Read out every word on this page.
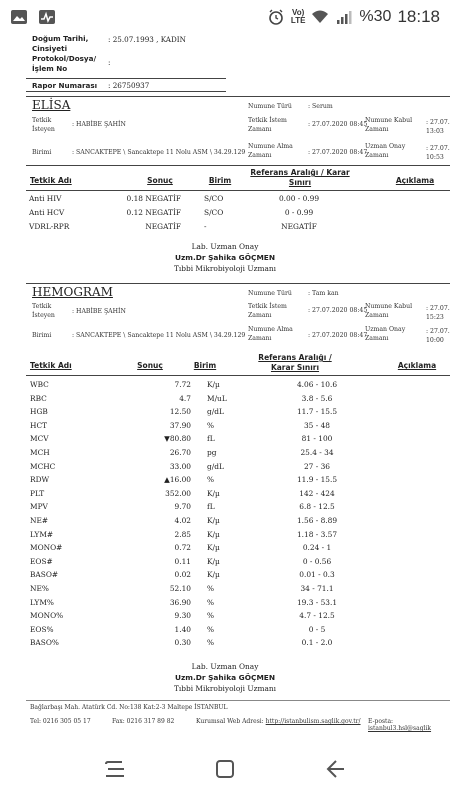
Vo)
LTE	%30 18:18
Doğum Tarihi, Cinsiyeti
: 25.07.1993 , KADIN
Protokol/Dosya/İşlem No
:
Rapor Numarası : 26750937
ELİSA
Tetkik İsteyen
: HABİBE ŞAHİN
Birimi	: SANCAKTEPE \ Sancaktepe 11 Nolu ASM \ 34.29.129
Numune Türü	: Serum
Tetkik İstem Zamanı
: 27.07.2020 08:45
Numune Kabul Zamanı
: 27.07.
13:03
Numune Alma Zamanı	: 27.07.2020 08:47
Uzman Onay Zamanı
: 27.07.
10:53
Tetkik Adı	Sonuç	Birim
Referans Aralığı / Karar Sınırı	Açıklama
Anti HIV	0.18 NEGATİF	S/CO	0.00 - 0.99
Anti HCV	0.12 NEGATİF	S/CO	0 - 0.99
VDRL-RPR	NEGATİF	-	NEGATİF
Lab. Uzman Onay
Uzm.Dr Şahika GÖÇMEN
Tıbbi Mikrobiyoloji Uzmanı
HEMOGRAM
Tetkik İsteyen
: HABİBE ŞAHİN
Birimi	: SANCAKTEPE \ Sancaktepe 11 Nolu ASM \ 34.29.129
Numune Türü	: Tam kan
Tetkik İstem Zamanı
: 27.07.2020 08:45
Numune Kabul Zamanı
: 27.07.
15:23
Numune Alma Zamanı	: 27.07.2020 08:47
Uzman Onay Zamanı
: 27.07.
10:00
Tetkik Adı	Sonuç	Birim
Referans Aralığı / Karar Sınırı	Açıklama
WBC	7.72 K/µ	4.06 - 10.6
RBC	4.7 M/uL	3.8 - 5.6
HGB	12.50 g/dL	11.7 - 15.5
HCT	37.90 %	35 - 48
MCV	▼80.80 fL	81 - 100
MCH	26.70 pg	25.4 - 34
MCHC	33.00 g/dL	27 - 36
RDW	▲16.00 %	11.9 - 15.5
PLT	352.00 K/µ	142 - 424
MPV	9.70 fL	6.8 - 12.5
NE#	4.02 K/µ	1.56 - 8.89
LYM#	2.85 K/µ	1.18 - 3.57
MONO#	0.72 K/µ	0.24 - 1
EOS#	0.11 K/µ	0 - 0.56
BASO#	0.02 K/µ	0.01 - 0.3
NE%	52.10 %	34 - 71.1
LYM%	36.90 %	19.3 - 53.1
MONO%	9.30 %	4.7 - 12.5
EOS%	1.40 %	0 - 5
BASO%	0.30 %	0.1 - 2.0
Lab. Uzman Onay
Uzm.Dr Şahika GÖÇMEN
Tıbbi Mikrobiyoloji Uzmanı
Bağlarbaşı Mah. Atatürk Cd. No:138 Kat:2-3 Maltepe İSTANBUL
Tel: 0216 305 05 17	Fax: 0216 317 89 82	Kurumsal Web Adresi: http://istanbulism.saglik.gov.tr/ E-posta: istanbul3.hsl@saglik
